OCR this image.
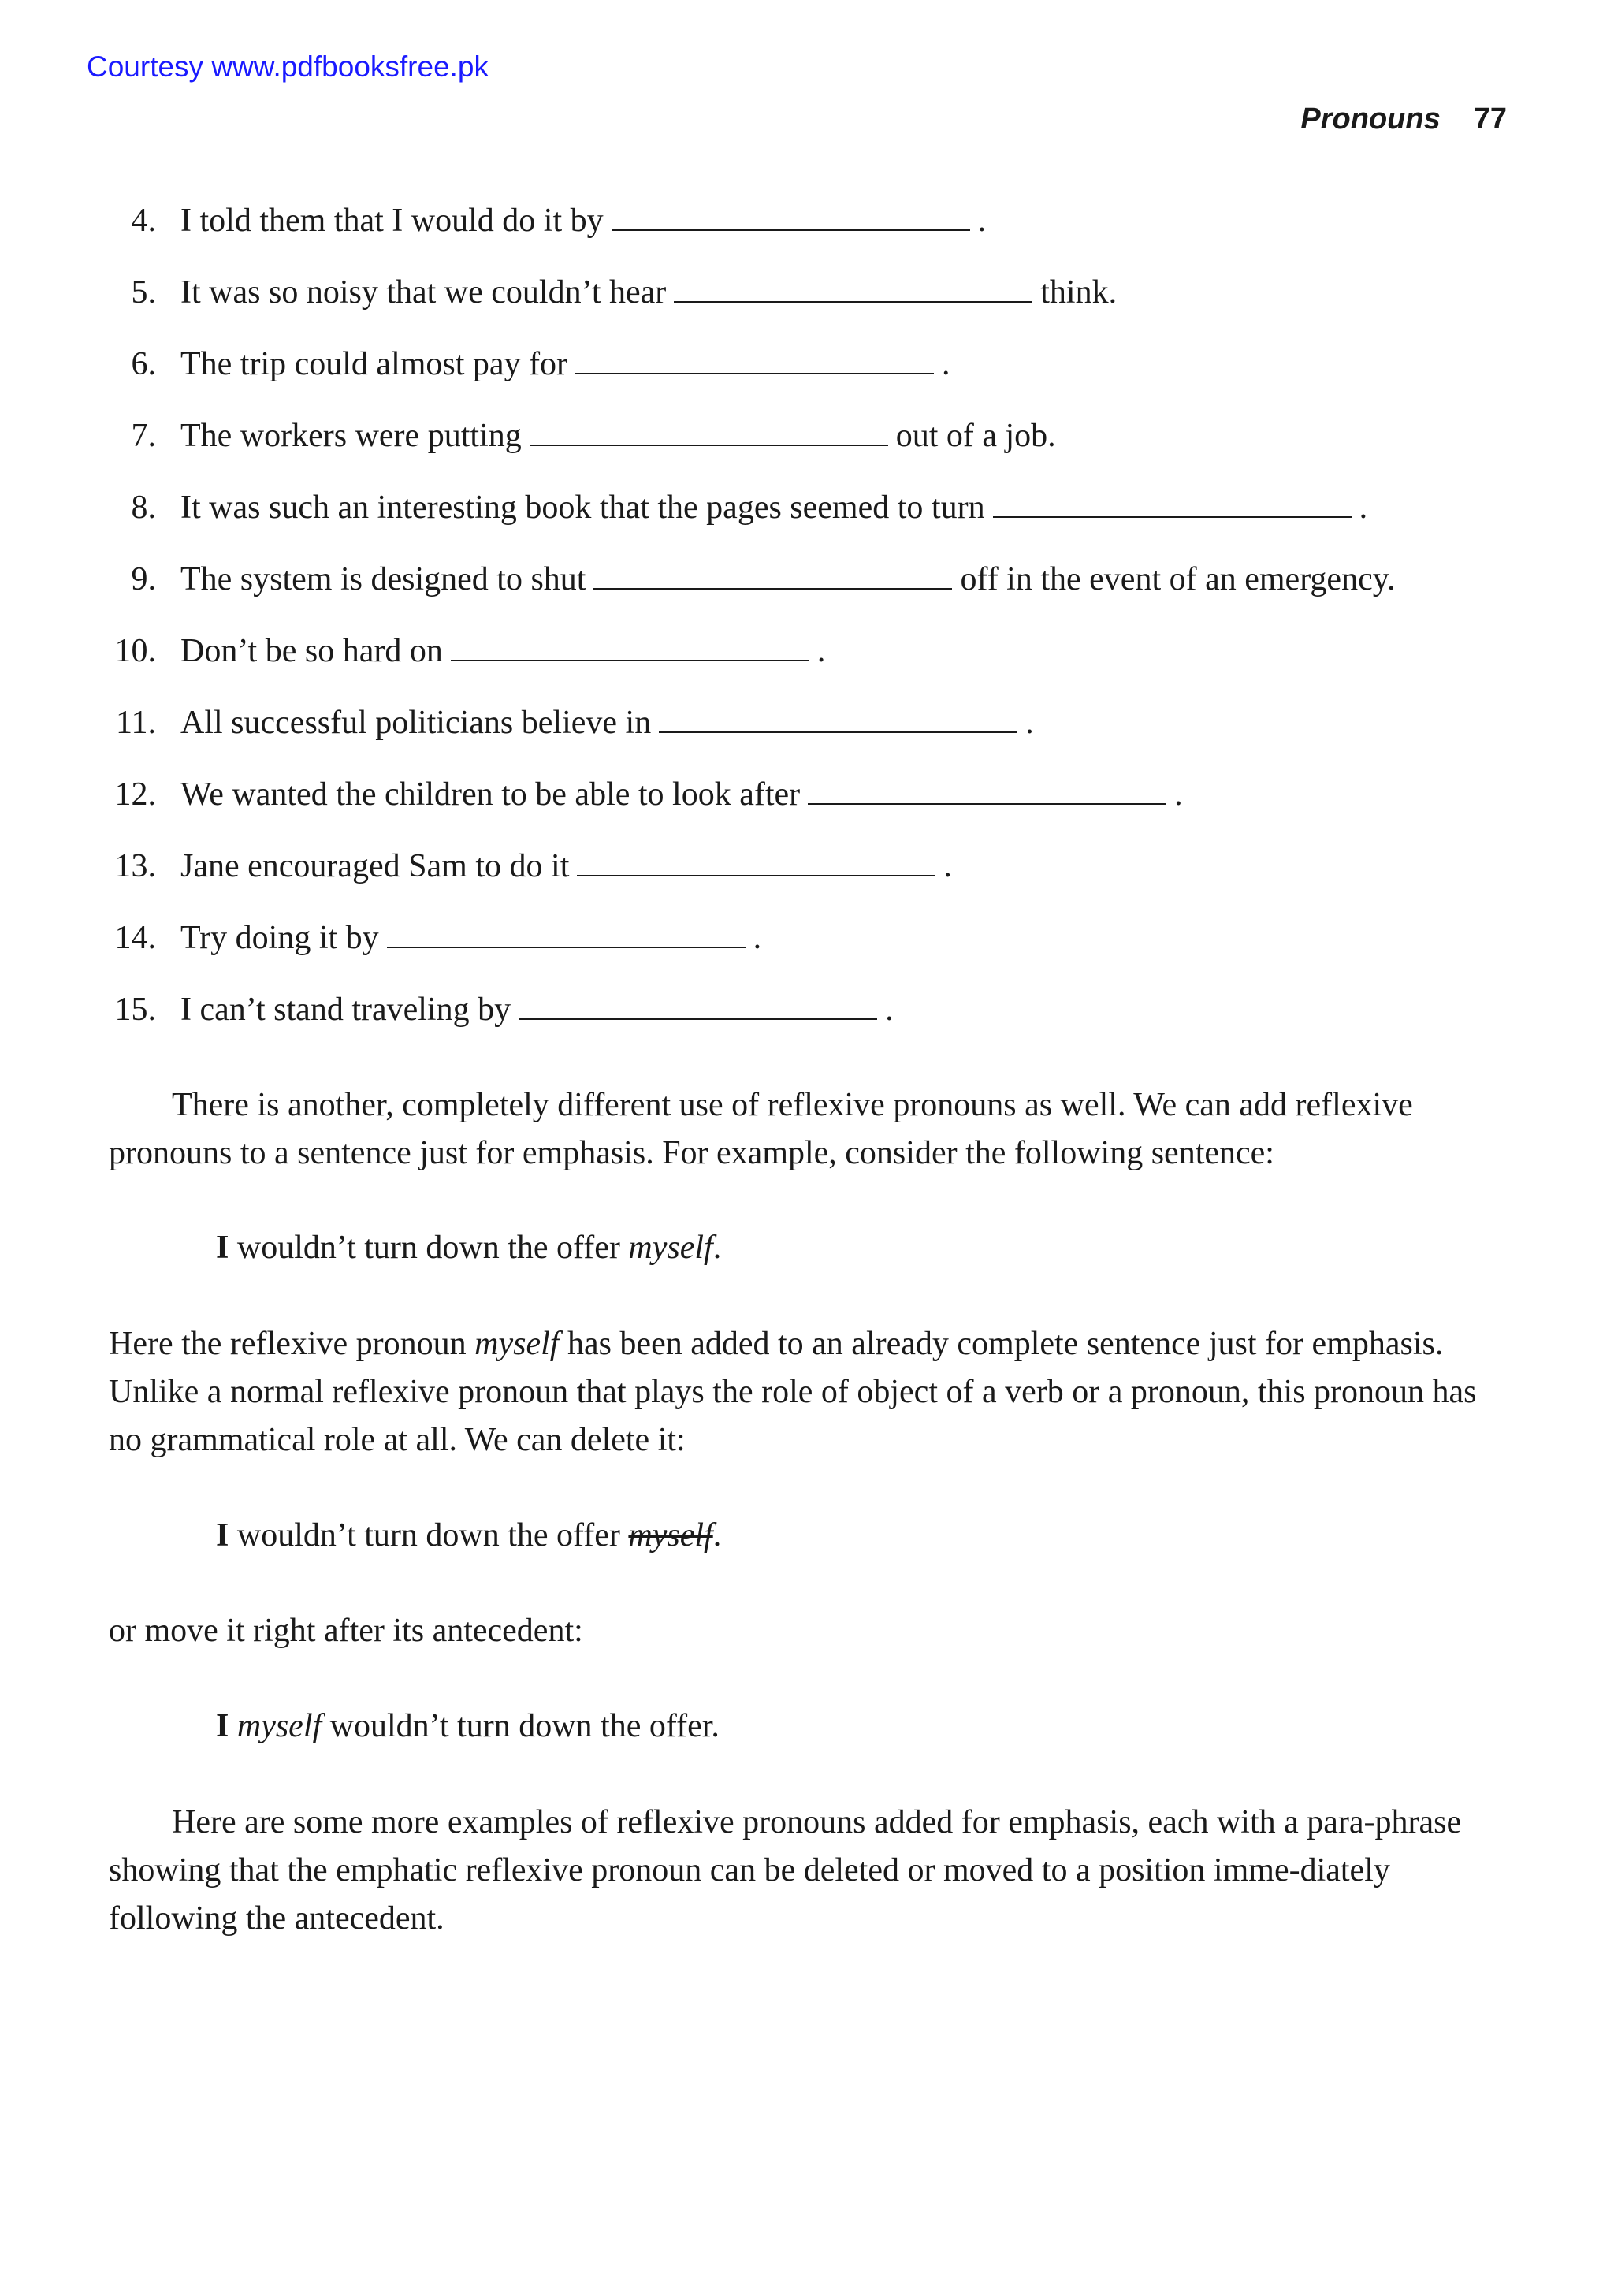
Courtesy www.pdfbooksfree.pk
Pronouns 77
4. I told them that I would do it by	.
5. It was so noisy that we couldn’t hear	think.
6. The trip could almost pay for	.
7. The workers were putting	out of a job.
8. It was such an interesting book that the pages seemed to turn	.
9. The system is designed to shut	off in the event of an emergency.
10. Don’t be so hard on	.
11. All successful politicians believe in	.
12. We wanted the children to be able to look after	.
13. Jane encouraged Sam to do it	.
14. Try doing it by	.
15. I can’t stand traveling by	.

There is another, completely different use of reflexive pronouns as well. We can add reflexive pronouns to a sentence just for emphasis. For example, consider the following sentence:

I wouldn’t turn down the offer myself.

Here the reflexive pronoun myself has been added to an already complete sentence just for emphasis. Unlike a normal reflexive pronoun that plays the role of object of a verb or a pronoun, this pronoun has no grammatical role at all. We can delete it:

I wouldn’t turn down the offer myself.

or move it right after its antecedent:

I myself wouldn’t turn down the offer.

Here are some more examples of reflexive pronouns added for emphasis, each with a para-phrase showing that the emphatic reflexive pronoun can be deleted or moved to a position imme-diately following the antecedent.
